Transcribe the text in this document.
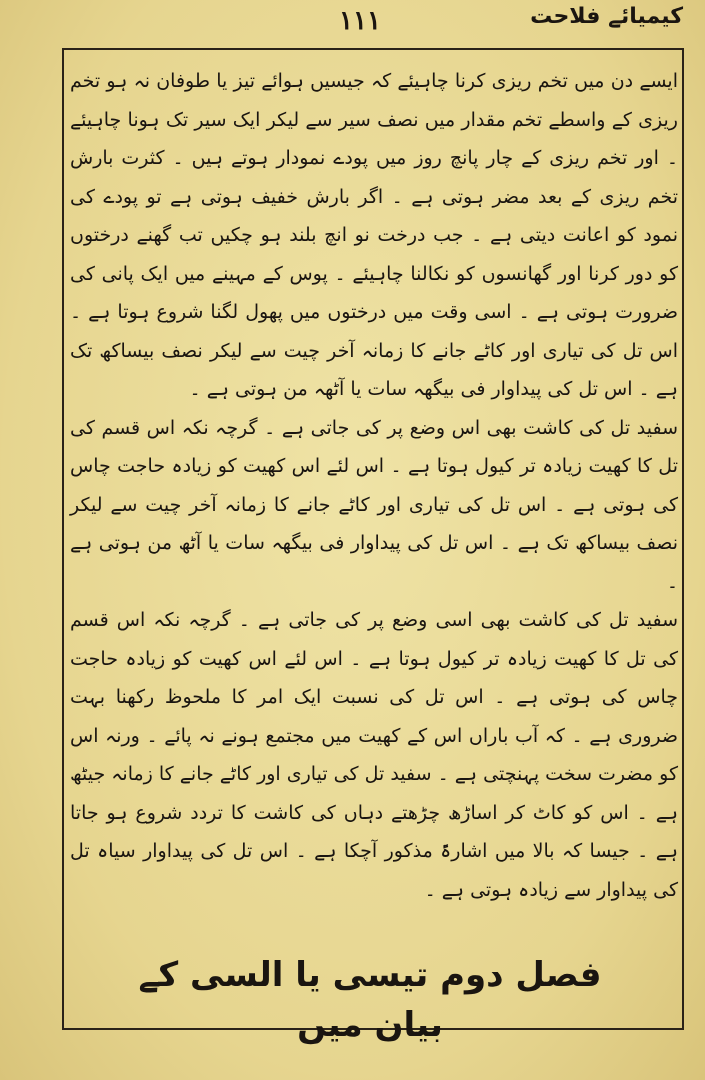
۱۱۱	کیمیائے فلاحت

ایسے دن میں تخم ریزی کرنا چاہیئے کہ جیسیں ہوائے تیز یا طوفان نہ ہو تخم ریزی کے واسطے تخم مقدار میں نصف سیر سے لیکر ایک سیر تک ہونا چاہیئے ۔ اور تخم ریزی کے چار پانچ روز میں پودے نمودار ہوتے ہیں ۔ کثرت بارش تخم ریزی کے بعد مضر ہوتی ہے ۔ اگر بارش خفیف ہوتی ہے تو پودے کی نمود کو اعانت دیتی ہے ۔ جب درخت نو انچ بلند ہو چکیں تب گھنے درختوں کو دور کرنا اور گھانسوں کو نکالنا چاہیئے ۔ پوس کے مہینے میں ایک پانی کی ضرورت ہوتی ہے ۔ اسی وقت میں درختوں میں پھول لگنا شروع ہوتا ہے ۔ اس تل کی تیاری اور کاٹے جانے کا زمانہ آخر چیت سے لیکر نصف بیساکھ تک ہے ۔ اس تل کی پیداوار فی بیگھہ سات یا آٹھہ من ہوتی ہے ۔

سفید تل کی کاشت بھی اس وضع پر کی جاتی ہے ۔ گرچہ نکہ اس قسم کی تل کا کھیت زیادہ تر کیول ہوتا ہے ۔ اس لئے اس کھیت کو زیادہ حاجت چاس کی ہوتی ہے ۔ اس تل کی تیاری اور کاٹے جانے کا زمانہ آخر چیت سے لیکر نصف بیساکھ تک ہے ۔ اس تل کی پیداوار فی بیگھہ سات یا آٹھ من ہوتی ہے ۔

سفید تل کی کاشت بھی اسی وضع پر کی جاتی ہے ۔ گرچہ نکہ اس قسم کی تل کا کھیت زیادہ تر کیول ہوتا ہے ۔ اس لئے اس کھیت کو زیادہ حاجت چاس کی ہوتی ہے ۔ اس تل کی نسبت ایک امر کا ملحوظ رکھنا بہت ضروری ہے ۔ کہ آب باراں اس کے کھیت میں مجتمع ہونے نہ پائے ۔ ورنہ اس کو مضرت سخت پہنچتی ہے ۔ سفید تل کی تیاری اور کاٹے جانے کا زمانہ جیٹھ ہے ۔ اس کو کاٹ کر اساڑھ چڑھتے دہاں کی کاشت کا تردد شروع ہو جاتا ہے ۔ جیسا کہ بالا میں اشارۃً مذکور آچکا ہے ۔ اس تل کی پیداوار سیاہ تل کی پیداوار سے زیادہ ہوتی ہے ۔

فصل دوم تیسی یا السی کے بیان میں
